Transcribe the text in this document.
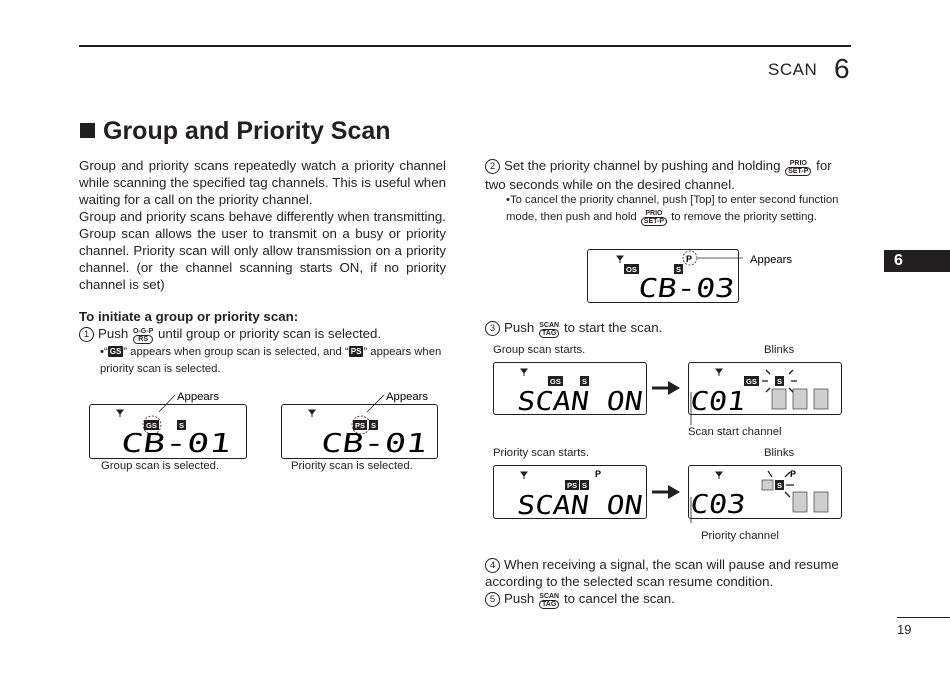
SCAN 6
6
19
Group and Priority Scan
Group and priority scans repeatedly watch a priority channel while scanning the specified tag channels. This is useful when waiting for a call on the priority channel.
Group and priority scans behave differently when transmitting. Group scan allows the user to transmit on a busy or priority channel. Priority scan will only allow transmission on a priority channel. (or the channel scanning starts ON, if no priority channel is set)
To initiate a group or priority scan:
1 Push $\frac{O-G-P}{RS}$ until group or priority scan is selected.
•“ GS ” appears when group scan is selected, and “ PS ” appears when priority scan is selected.
Appears
GS	S
CB-01
Group scan is selected.
Appears
PS S
CB-01
Priority scan is selected.
2 Set the priority channel by pushing and holding	PRIO
SET-P for two seconds while on the desired channel.
•To cancel the priority channel, push [Top] to enter second function mode, then push and hold	PRIO
SET-P to remove the priority setting.
P	Appears
OS	S
CB-03
3 Push SCAN
TAG to start the scan.
Group scan starts.	Blinks
GS	S
SCAN ON
GS	S
C01
Scan start channel
Priority scan starts.	Blinks
P
PS S
SCAN ON
P
S
C03
Priority channel
4 When receiving a signal, the scan will pause and resume according to the selected scan resume condition.
5 Push SCAN
TAG to cancel the scan.
